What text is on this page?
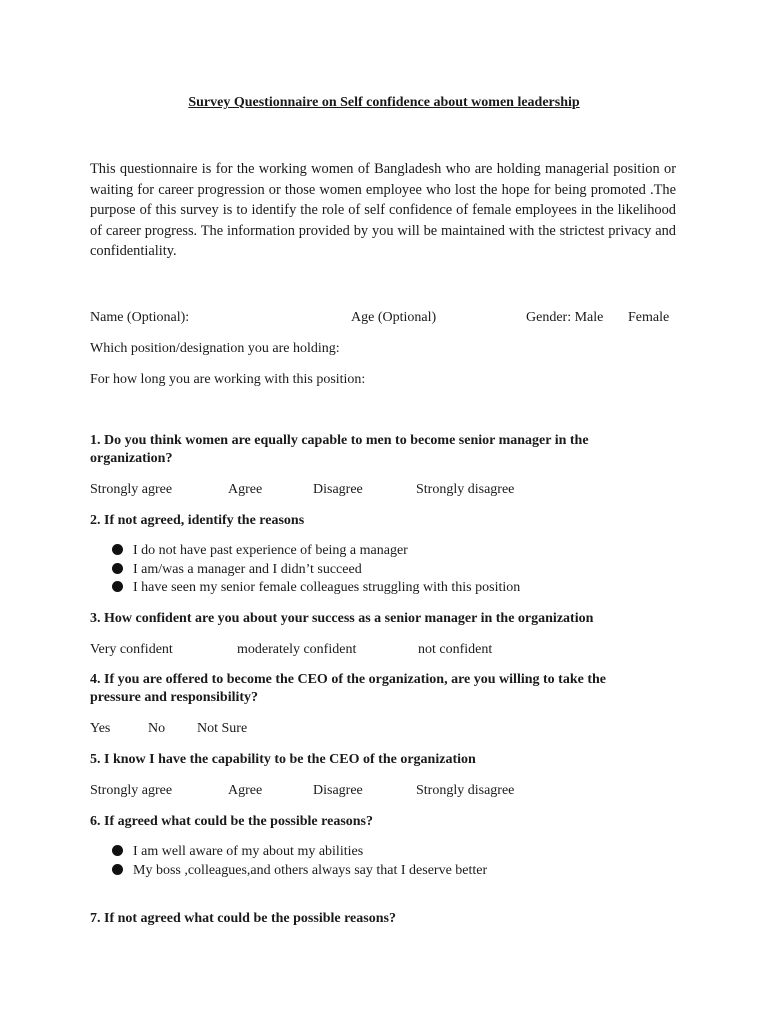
Survey Questionnaire on Self confidence about women leadership
This questionnaire is for the working women of Bangladesh who are holding managerial position or waiting for career progression or those women employee who lost the hope for being promoted .The purpose of this survey is to identify the role of self confidence of female employees in the likelihood of career progress. The information provided by you will be maintained with the strictest privacy and confidentiality.
Name (Optional):	Age (Optional)	Gender: Male Female
Which position/designation you are holding:
For how long you are working with this position:
1. Do you think women are equally capable to men to become senior manager in the organization?
Strongly agree	Agree	Disagree	Strongly disagree
2. If not agreed, identify the reasons
I do not have past experience of being a manager
I am/was a manager and I didn’t succeed
I have seen my senior female colleagues struggling with this position
3. How confident are you about your success as a senior manager in the organization
Very confident	moderately confident	not confident
4. If you are offered to become the CEO of the organization, are you willing to take the pressure and responsibility?
Yes	No Not Sure
5. I know I have the capability to be the CEO of the organization
Strongly agree	Agree	Disagree	Strongly disagree
6. If agreed what could be the possible reasons?
I am well aware of my about my abilities
My boss ,colleagues,and others always say that I deserve better
7. If not agreed what could be the possible reasons?
